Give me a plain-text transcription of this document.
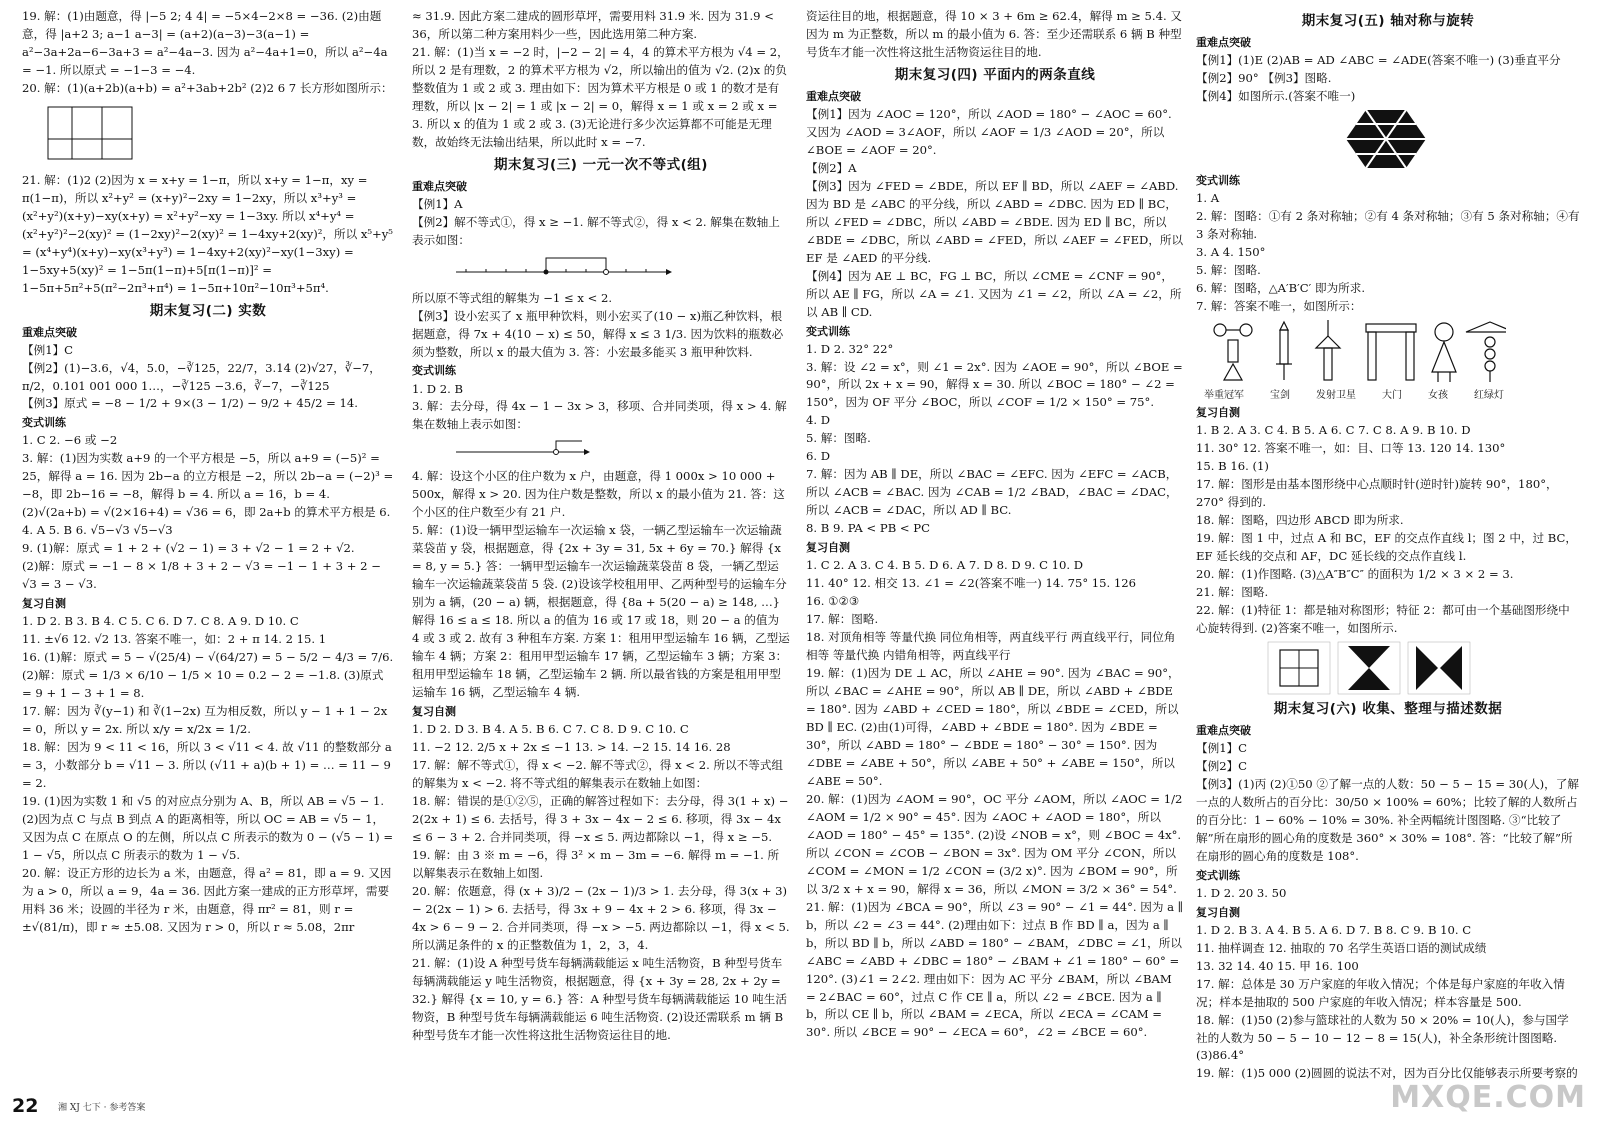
19. 解：(1)由题意，得 |−5 2; 4 4| = −5×4−2×8 = −36. (2)由题意，得 |a+2 3; a−1 a−3| = (a+2)(a−3)−3(a−1) = a²−3a+2a−6−3a+3 = a²−4a−3. 因为 a²−4a+1=0，所以 a²−4a = −1. 所以原式 = −1−3 = −4.
20. 解：(1)(a+2b)(a+b) = a²+3ab+2b² (2)2 6 7 长方形如图所示：
21. 解：(1)2 (2)因为 x = x+y = 1−π，所以 x+y = 1−π，xy = π(1−π)，所以 x²+y² = (x+y)²−2xy = 1−2xy，所以 x³+y³ = (x²+y²)(x+y)−xy(x+y) = x²+y²−xy = 1−3xy. 所以 x⁴+y⁴ = (x²+y²)²−2(xy)² = (1−2xy)²−2(xy)² = 1−4xy+2(xy)²，所以 x⁵+y⁵ = (x⁴+y⁴)(x+y)−xy(x³+y³) = 1−4xy+2(xy)²−xy(1−3xy) = 1−5xy+5(xy)² = 1−5π(1−π)+5[π(1−π)]² = 1−5π+5π²+5(π²−2π³+π⁴) = 1−5π+10π²−10π³+5π⁴.
期末复习(二) 实数
重难点突破
【例1】C
【例2】(1)−3.6，√4，5.0，−∛125，22/7，3.14 (2)√27，∛−7，π/2，0.101 001 000 1…，−∛125 −3.6，∛−7，−∛125
【例3】原式 = −8 − 1/2 + 9×(3 − 1/2) − 9/2 + 45/2 = 14.
变式训练
1. C 2. −6 或 −2
3. 解：(1)因为实数 a+9 的一个平方根是 −5，所以 a+9 = (−5)² = 25，解得 a = 16. 因为 2b−a 的立方根是 −2，所以 2b−a = (−2)³ = −8，即 2b−16 = −8，解得 b = 4. 所以 a = 16，b = 4. (2)√(2a+b) = √(2×16+4) = √36 = 6，即 2a+b 的算术平方根是 6.
4. A 5. B 6. √5−√3 √5−√3
9. (1)解：原式 = 1 + 2 + (√2 − 1) = 3 + √2 − 1 = 2 + √2.
(2)解：原式 = −1 − 8 × 1/8 + 3 + 2 − √3 = −1 − 1 + 3 + 2 − √3 = 3 − √3.
复习自测
1. D 2. B 3. B 4. C 5. C 6. D 7. C 8. A 9. D 10. C
11. ±√6 12. √2 13. 答案不唯一，如：2 + π 14. 2 15. 1
16. (1)解：原式 = 5 − √(25/4) − √(64/27) = 5 − 5/2 − 4/3 = 7/6.
(2)解：原式 = 1/3 × 6/10 − 1/5 × 10 = 0.2 − 2 = −1.8. (3)原式 = 9 + 1 − 3 + 1 = 8.
17. 解：因为 ∛(y−1) 和 ∛(1−2x) 互为相反数，所以 y − 1 + 1 − 2x = 0，所以 y = 2x. 所以 x/y = x/2x = 1/2.
18. 解：因为 9 < 11 < 16，所以 3 < √11 < 4. 故 √11 的整数部分 a = 3，小数部分 b = √11 − 3. 所以 (√11 + a)(b + 1) = … = 11 − 9 = 2.
19. (1)因为实数 1 和 √5 的对应点分别为 A、B，所以 AB = √5 − 1. (2)因为点 C 与点 B 到点 A 的距离相等，所以 OC = AB = √5 − 1，又因为点 C 在原点 O 的左侧，所以点 C 所表示的数为 0 − (√5 − 1) = 1 − √5，所以点 C 所表示的数为 1 − √5.
20. 解：设正方形的边长为 a 米，由题意，得 a² = 81，即 a = 9. 又因为 a > 0，所以 a = 9，4a = 36. 因此方案一建成的正方形草坪，需要用料 36 米；设圆的半径为 r 米，由题意，得 πr² = 81，则 r = ±√(81/π)，即 r ≈ ±5.08. 又因为 r > 0，所以 r ≈ 5.08，2πr
≈ 31.9. 因此方案二建成的圆形草坪，需要用料 31.9 米. 因为 31.9 < 36，所以第二种方案用料少一些，因此选用第二种方案.
21. 解：(1)当 x = −2 时，|−2 − 2| = 4，4 的算术平方根为 √4 = 2，所以 2 是有理数，2 的算术平方根为 √2，所以输出的值为 √2. (2)x 的负整数值为 1 或 2 或 3. 理由如下：因为算术平方根是 0 或 1 的数才是有理数，所以 |x − 2| = 1 或 |x − 2| = 0，解得 x = 1 或 x = 2 或 x = 3. 所以 x 的值为 1 或 2 或 3. (3)无论进行多少次运算都不可能是无理数，故始终无法输出结果，所以此时 x = −7.
期末复习(三) 一元一次不等式(组)
重难点突破
【例1】A
【例2】解不等式①，得 x ≥ −1. 解不等式②，得 x < 2. 解集在数轴上表示如图：
所以原不等式组的解集为 −1 ≤ x < 2.
【例3】设小宏买了 x 瓶甲种饮料，则小宏买了(10 − x)瓶乙种饮料，根据题意，得 7x + 4(10 − x) ≤ 50，解得 x ≤ 3 1/3. 因为饮料的瓶数必须为整数，所以 x 的最大值为 3. 答：小宏最多能买 3 瓶甲种饮料.
变式训练
1. D 2. B
3. 解：去分母，得 4x − 1 − 3x > 3，移项、合并同类项，得 x > 4. 解集在数轴上表示如图：
4. 解：设这个小区的住户数为 x 户，由题意，得 1 000x > 10 000 + 500x，解得 x > 20. 因为住户数是整数，所以 x 的最小值为 21. 答：这个小区的住户数至少有 21 户.
5. 解：(1)设一辆甲型运输车一次运输 x 袋，一辆乙型运输车一次运输蔬菜袋苗 y 袋，根据题意，得 {2x + 3y = 31, 5x + 6y = 70.} 解得 {x = 8, y = 5.} 答：一辆甲型运输车一次运输蔬菜袋苗 8 袋，一辆乙型运输车一次运输蔬菜袋苗 5 袋. (2)设该学校租用甲、乙两种型号的运输车分别为 a 辆，(20 − a) 辆，根据题意，得 {8a + 5(20 − a) ≥ 148, …} 解得 16 ≤ a ≤ 18. 所以 a 的值为 16 或 17 或 18，则 20 − a 的值为 4 或 3 或 2. 故有 3 种租车方案. 方案 1：租用甲型运输车 16 辆，乙型运输车 4 辆；方案 2：租用甲型运输车 17 辆，乙型运输车 3 辆；方案 3：租用甲型运输车 18 辆，乙型运输车 2 辆. 所以最省钱的方案是租用甲型运输车 16 辆，乙型运输车 4 辆.
复习自测
1. D 2. D 3. B 4. A 5. B 6. C 7. C 8. D 9. C 10. C
11. −2 12. 2/5 x + 2x ≤ −1 13. > 14. −2 15. 14 16. 28
17. 解：解不等式①，得 x < −2. 解不等式②，得 x < 2. 所以不等式组的解集为 x < −2. 将不等式组的解集表示在数轴上如图：
18. 解：错误的是①②⑤，正确的解答过程如下：去分母，得 3(1 + x) − 2(2x + 1) ≤ 6. 去括号，得 3 + 3x − 4x − 2 ≤ 6. 移项，得 3x − 4x ≤ 6 − 3 + 2. 合并同类项，得 −x ≤ 5. 两边都除以 −1，得 x ≥ −5.
19. 解：由 3 ※ m = −6，得 3² × m − 3m = −6. 解得 m = −1. 所以解集表示在数轴上如图.
20. 解：依题意，得 (x + 3)/2 − (2x − 1)/3 > 1. 去分母，得 3(x + 3) − 2(2x − 1) > 6. 去括号，得 3x + 9 − 4x + 2 > 6. 移项，得 3x − 4x > 6 − 9 − 2. 合并同类项，得 −x > −5. 两边都除以 −1，得 x < 5. 所以满足条件的 x 的正整数值为 1，2，3，4.
21. 解：(1)设 A 种型号货车每辆满载能运 x 吨生活物资，B 种型号货车每辆满载能运 y 吨生活物资，根据题意，得 {x + 3y = 28, 2x + 2y = 32.} 解得 {x = 10, y = 6.} 答：A 种型号货车每辆满载能运 10 吨生活物资，B 种型号货车每辆满载能运 6 吨生活物资. (2)设还需联系 m 辆 B 种型号货车才能一次性将这批生活物资运往目的地.
资运往目的地，根据题意，得 10 × 3 + 6m ≥ 62.4，解得 m ≥ 5.4. 又因为 m 为正整数，所以 m 的最小值为 6. 答：至少还需联系 6 辆 B 种型号货车才能一次性将这批生活物资运往目的地.
期末复习(四) 平面内的两条直线
重难点突破
【例1】因为 ∠AOC = 120°，所以 ∠AOD = 180° − ∠AOC = 60°. 又因为 ∠AOD = 3∠AOF，所以 ∠AOF = 1/3 ∠AOD = 20°，所以 ∠BOE = ∠AOF = 20°.
【例2】A
【例3】因为 ∠FED = ∠BDE，所以 EF ∥ BD，所以 ∠AEF = ∠ABD. 因为 BD 是 ∠ABC 的平分线，所以 ∠ABD = ∠DBC. 因为 ED ∥ BC，所以 ∠FED = ∠DBC，所以 ∠ABD = ∠BDE. 因为 ED ∥ BC，所以 ∠BDE = ∠DBC，所以 ∠ABD = ∠FED，所以 ∠AEF = ∠FED，所以 EF 是 ∠AED 的平分线.
【例4】因为 AE ⊥ BC，FG ⊥ BC，所以 ∠CME = ∠CNF = 90°，所以 AE ∥ FG，所以 ∠A = ∠1. 又因为 ∠1 = ∠2，所以 ∠A = ∠2，所以 AB ∥ CD.
变式训练
1. D 2. 32° 22°
3. 解：设 ∠2 = x°，则 ∠1 = 2x°. 因为 ∠AOE = 90°，所以 ∠BOE = 90°，所以 2x + x = 90，解得 x = 30. 所以 ∠BOC = 180° − ∠2 = 150°，因为 OF 平分 ∠BOC，所以 ∠COF = 1/2 × 150° = 75°.
4. D
5. 解：图略.
6. D
7. 解：因为 AB ∥ DE，所以 ∠BAC = ∠EFC. 因为 ∠EFC = ∠ACB，所以 ∠ACB = ∠BAC. 因为 ∠CAB = 1/2 ∠BAD，∠BAC = ∠DAC，所以 ∠ACB = ∠DAC，所以 AD ∥ BC.
8. B 9. PA < PB < PC
复习自测
1. C 2. A 3. C 4. B 5. D 6. A 7. D 8. D 9. C 10. D
11. 40° 12. 相交 13. ∠1 = ∠2(答案不唯一) 14. 75° 15. 126
16. ①②③
17. 解：图略.
18. 对顶角相等 等量代换 同位角相等，两直线平行 两直线平行，同位角相等 等量代换 内错角相等，两直线平行
19. 解：(1)因为 DE ⊥ AC，所以 ∠AHE = 90°. 因为 ∠BAC = 90°，所以 ∠BAC = ∠AHE = 90°，所以 AB ∥ DE，所以 ∠ABD + ∠BDE = 180°. 因为 ∠ABD + ∠CED = 180°，所以 ∠BDE = ∠CED，所以 BD ∥ EC. (2)由(1)可得，∠ABD + ∠BDE = 180°. 因为 ∠BDE = 30°，所以 ∠ABD = 180° − ∠BDE = 180° − 30° = 150°. 因为 ∠DBE = ∠ABE + 50°，所以 ∠ABE + 50° + ∠ABE = 150°，所以 ∠ABE = 50°.
20. 解：(1)因为 ∠AOM = 90°，OC 平分 ∠AOM，所以 ∠AOC = 1/2 ∠AOM = 1/2 × 90° = 45°. 因为 ∠AOC + ∠AOD = 180°，所以 ∠AOD = 180° − 45° = 135°. (2)设 ∠NOB = x°，则 ∠BOC = 4x°. 所以 ∠CON = ∠COB − ∠BON = 3x°. 因为 OM 平分 ∠CON，所以 ∠COM = ∠MON = 1/2 ∠CON = (3/2 x)°. 因为 ∠BOM = 90°，所以 3/2 x + x = 90，解得 x = 36，所以 ∠MON = 3/2 × 36° = 54°.
21. 解：(1)因为 ∠BCA = 90°，所以 ∠3 = 90° − ∠1 = 44°. 因为 a ∥ b，所以 ∠2 = ∠3 = 44°. (2)理由如下：过点 B 作 BD ∥ a，因为 a ∥ b，所以 BD ∥ b，所以 ∠ABD = 180° − ∠BAM，∠DBC = ∠1，所以 ∠ABC = ∠ABD + ∠DBC = 180° − ∠BAM + ∠1 = 180° − 60° = 120°. (3)∠1 = 2∠2. 理由如下：因为 AC 平分 ∠BAM，所以 ∠BAM = 2∠BAC = 60°，过点 C 作 CE ∥ a，所以 ∠2 = ∠BCE. 因为 a ∥ b，所以 CE ∥ b，所以 ∠BAM = ∠ECA，所以 ∠ECA = ∠CAM = 30°. 所以 ∠BCE = 90° − ∠ECA = 60°，∠2 = ∠BCE = 60°.
期末复习(五) 轴对称与旋转
重难点突破
【例1】(1)E (2)AB = AD ∠ABC = ∠ADE(答案不唯一) (3)垂直平分
【例2】90° 【例3】图略.
【例4】如图所示.(答案不唯一)
变式训练
1. A
2. 解：图略：①有 2 条对称轴；②有 4 条对称轴；③有 5 条对称轴；④有 3 条对称轴.
3. A 4. 150°
5. 解：图略.
6. 解：图略，△A′B′C′ 即为所求.
7. 解：答案不唯一，如图所示：
举重冠军	宝剑	发射卫星	大门	女孩	红绿灯
复习自测
1. B 2. A 3. C 4. B 5. A 6. C 7. C 8. A 9. B 10. D
11. 30° 12. 答案不唯一，如：目、口等 13. 120 14. 130°
15. B 16. (1)
17. 解：图形是由基本图形绕中心点顺时针(逆时针)旋转 90°，180°，270° 得到的.
18. 解：图略，四边形 ABCD 即为所求.
19. 解：图 1 中，过点 A 和 BC，EF 的交点作直线 l；图 2 中，过 BC，EF 延长线的交点和 AF，DC 延长线的交点作直线 l.
20. 解：(1)作图略. (3)△A″B″C″ 的面积为 1/2 × 3 × 2 = 3.
21. 解：图略.
22. 解：(1)特征 1：都是轴对称图形；特征 2：都可由一个基础图形绕中心旋转得到. (2)答案不唯一，如图所示.
期末复习(六) 收集、整理与描述数据
重难点突破
【例1】C
【例2】C
【例3】(1)丙 (2)①50 ②了解一点的人数：50 − 5 − 15 = 30(人)，了解一点的人数所占的百分比：30/50 × 100% = 60%；比较了解的人数所占的百分比：1 − 60% − 10% = 30%. 补全两幅统计图图略. ③“比较了解”所在扇形的圆心角的度数是 360° × 30% = 108°. 答：“比较了解”所在扇形的圆心角的度数是 108°.
变式训练
1. D 2. 20 3. 50
复习自测
1. D 2. B 3. A 4. B 5. A 6. D 7. B 8. C 9. B 10. C
11. 抽样调查 12. 抽取的 70 名学生英语口语的测试成绩
13. 32 14. 40 15. 甲 16. 100
17. 解：总体是 30 万户家庭的年收入情况；个体是每户家庭的年收入情况；样本是抽取的 500 户家庭的年收入情况；样本容量是 500.
18. 解：(1)50 (2)参与篮球社的人数为 50 × 20% = 10(人)，参与国学社的人数为 50 − 5 − 10 − 12 − 8 = 15(人)，补全条形统计图图略. (3)86.4°
19. 解：(1)5 000 (2)圆圆的说法不对，因为百分比仅能够表示所要考察的
22 湘 XJ 七下 · 参考答案	MXQE.COM
